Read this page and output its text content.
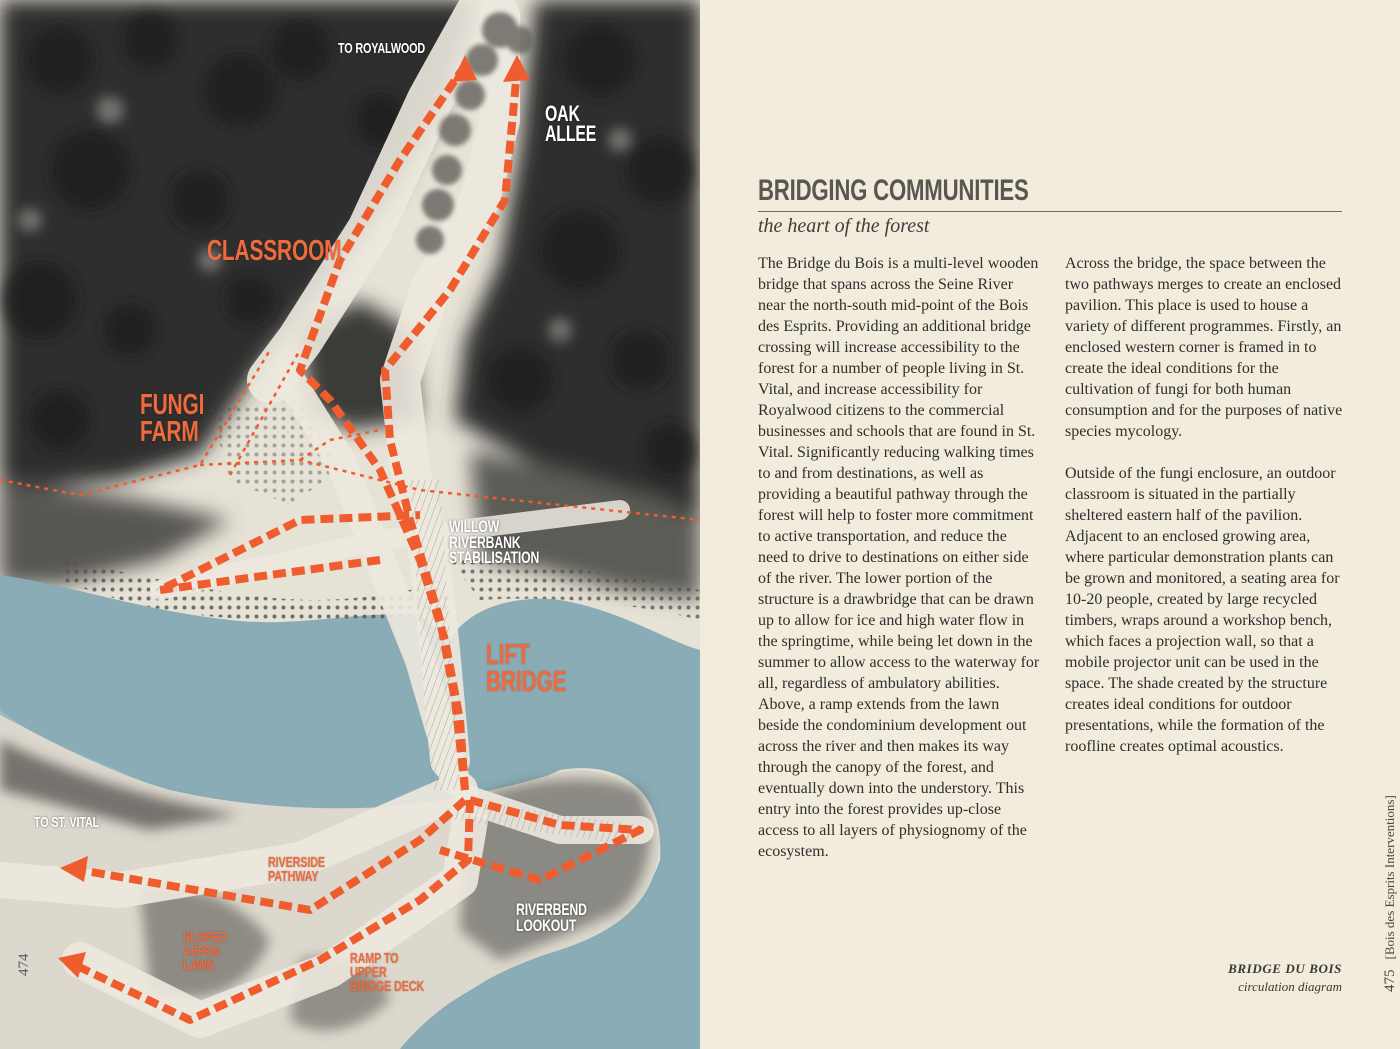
TO ROYALWOOD
OAK
ALLEE
CLASSROOM
FUNGI
FARM
WILLOW
RIVERBANK
STABILISATION
LIFT
BRIDGE
TO ST. VITAL
RIVERSIDE
PATHWAY
RIVERBEND
LOOKOUT
SLOPED
ASPEN
LAWN	RAMP TO
UPPER
BRIDGE DECK
474
BRIDGING COMMUNITIES
the heart of the forest

The Bridge du Bois is a multi-level wooden bridge that spans across the Seine River near the north-south mid-point of the Bois des Esprits. Providing an additional bridge crossing will increase accessibility to the forest for a number of people living in St. Vital, and increase accessibility for Royalwood citizens to the commercial businesses and schools that are found in St. Vital. Significantly reducing walking times to and from destinations, as well as providing a beautiful pathway through the forest will help to foster more commitment to active transportation, and reduce the need to drive to destinations on either side of the river. The lower portion of the structure is a drawbridge that can be drawn up to allow for ice and high water flow in the springtime, while being let down in the summer to allow access to the waterway for all, regardless of ambulatory abilities. Above, a ramp extends from the lawn beside the condominium development out across the river and then makes its way through the canopy of the forest, and eventually down into the understory. This entry into the forest provides up-close access to all layers of physiognomy of the ecosystem.

Across the bridge, the space between the two pathways merges to create an enclosed pavilion. This place is used to house a variety of different programmes. Firstly, an enclosed western corner is framed in to create the ideal conditions for the cultivation of fungi for both human consumption and for the purposes of native species mycology.

Outside of the fungi enclosure, an outdoor classroom is situated in the partially sheltered eastern half of the pavilion. Adjacent to an enclosed growing area, where particular demonstration plants can be grown and monitored, a seating area for 10-20 people, created by large recycled timbers, wraps around a workshop bench, which faces a projection wall, so that a mobile projector unit can be used in the space. The shade created by the structure creates ideal conditions for outdoor presentations, while the formation of the roofline creates optimal acoustics.

BRIDGE DU BOIS
circulation diagram	475[Bois des Esprits Interventions]
